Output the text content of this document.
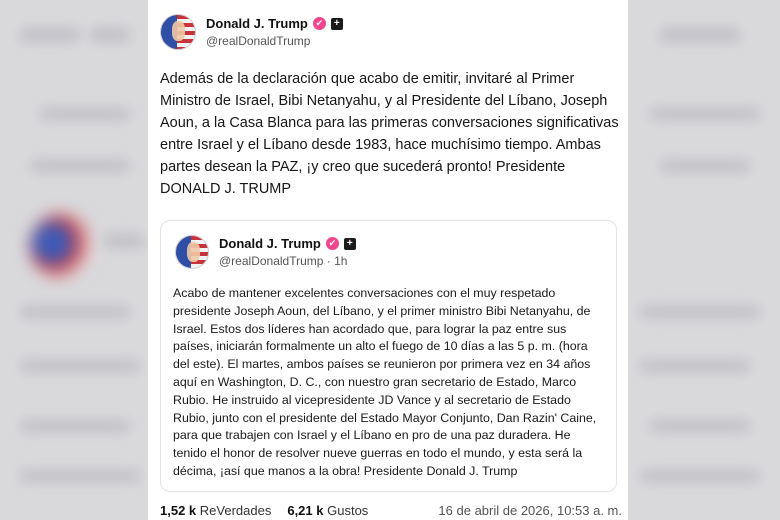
Donald J. Trump ✔	+
@realDonaldTrump
Además de la declaración que acabo de emitir, invitaré al Primer Ministro de Israel, Bibi Netanyahu, y al Presidente del Líbano, Joseph Aoun, a la Casa Blanca para las primeras conversaciones significativas entre Israel y el Líbano desde 1983, hace muchísimo tiempo. Ambas partes desean la PAZ, ¡y creo que sucederá pronto! Presidente DONALD J. TRUMP
Donald J. Trump ✔	+
@realDonaldTrump · 1h
Acabo de mantener excelentes conversaciones con el muy respetado presidente Joseph Aoun, del Líbano, y el primer ministro Bibi Netanyahu, de Israel. Estos dos líderes han acordado que, para lograr la paz entre sus países, iniciarán formalmente un alto el fuego de 10 días a las 5 p. m. (hora del este). El martes, ambos países se reunieron por primera vez en 34 años aquí en Washington, D. C., con nuestro gran secretario de Estado, Marco Rubio. He instruido al vicepresidente JD Vance y al secretario de Estado Rubio, junto con el presidente del Estado Mayor Conjunto, Dan Razin' Caine, para que trabajen con Israel y el Líbano en pro de una paz duradera. He tenido el honor de resolver nueve guerras en todo el mundo, y esta será la décima, ¡así que manos a la obra! Presidente Donald J. Trump
1,52 k
ReVerdades 6,21 k
Gustos	16 de abril de 2026, 10:53 a. m.
